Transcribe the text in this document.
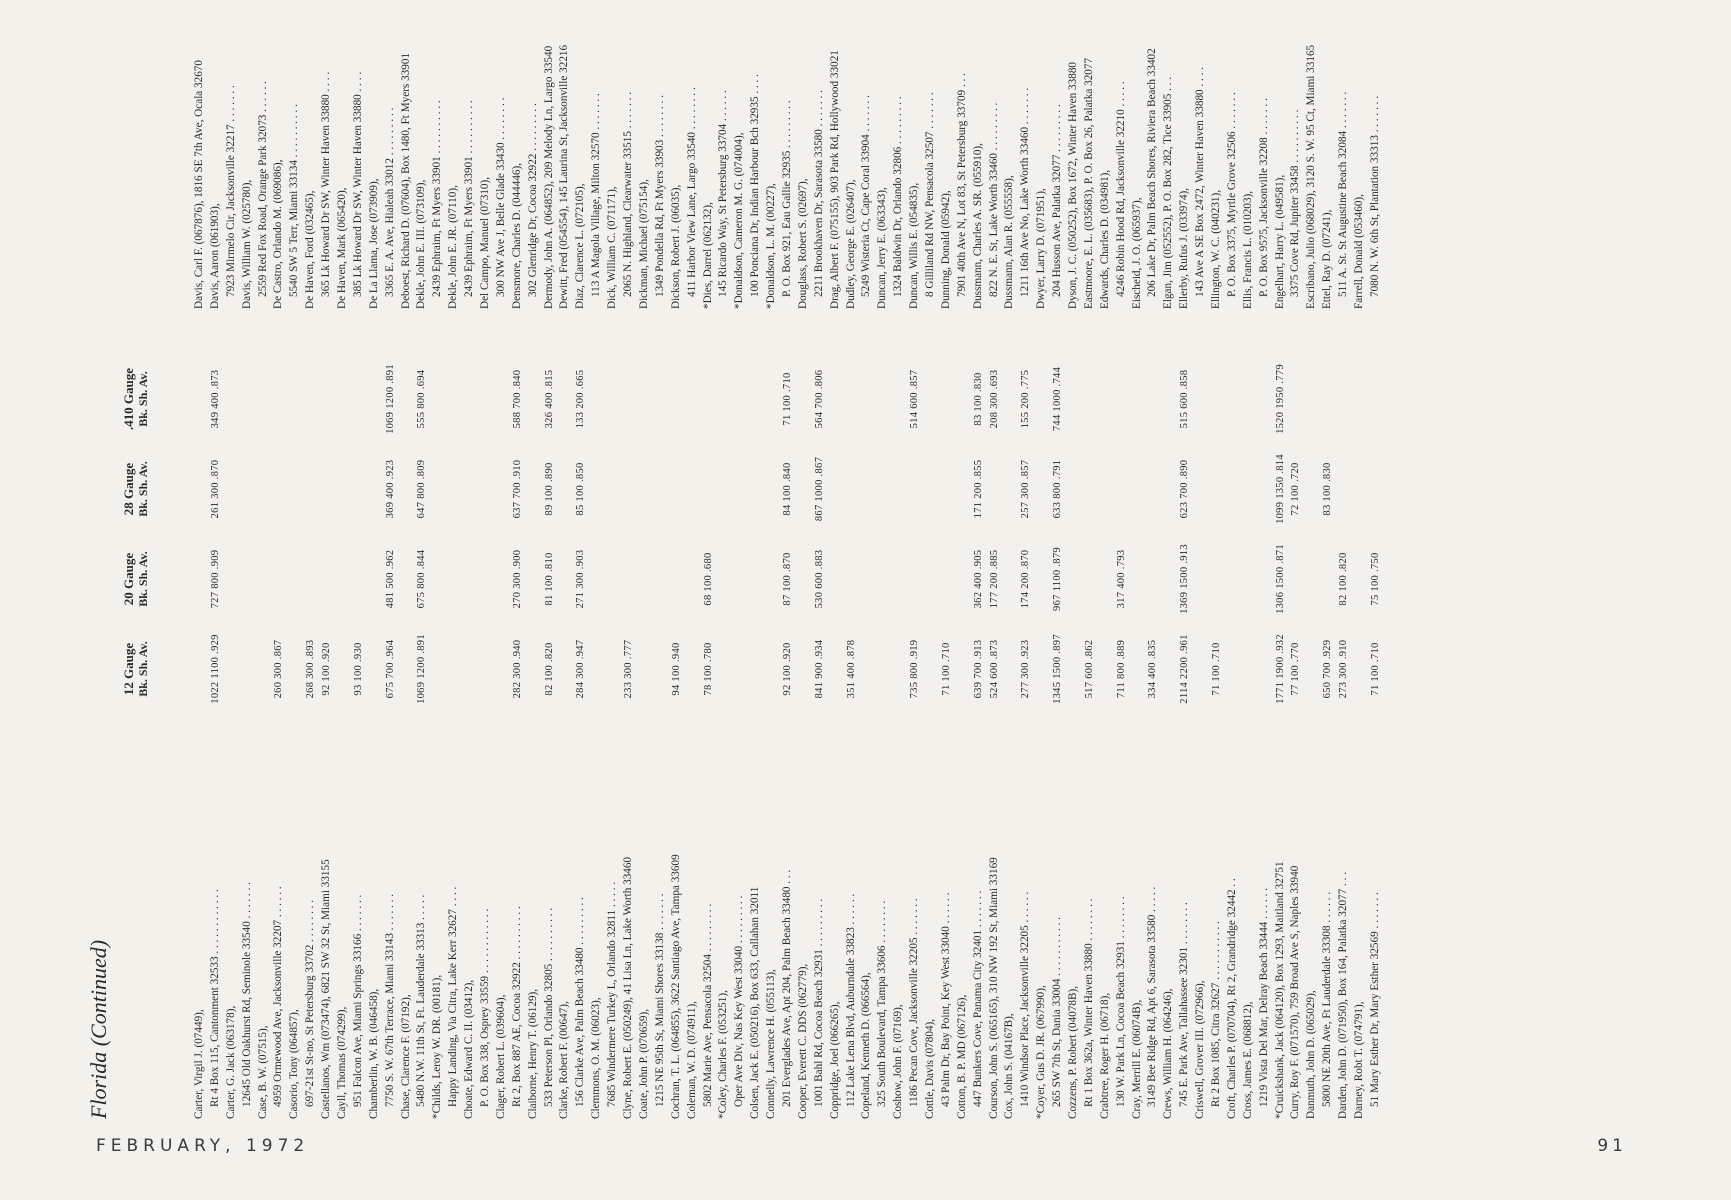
Florida (Continued)
12 Gauge Bk. Sh. Av.
20 Gauge Bk. Sh. Av.
28 Gauge Bk. Sh. Av.
.410 Gauge Bk. Sh. Av.
Carter, Virgil J. (07449), Rt 4 Box 115, Cantonment 32533 . . . . . . . . . . . .
1022 1100 .929
727 800 .909
261 300 .870
349 400 .873
Carter, G. Jack (063178), 12645 Old Oakhurst Rd, Seminole 33540 . . . . . . . Case, B. W. (07515), 4959 Ormewood Ave, Jacksonville 32207 . . . . . .
260 300 .867
Casorio, Tony (064857), 697-21st St-no, St Petersburg 33702 . . . . . . . .
268 300 .893
Castellanos, Wm (073474), 6821 SW 32 St, Miami 33155
92 100 .920
Cayll, Thomas (074299), 951 Falcon Ave, Miami Springs 33166 . . . . . . .
93 100 .930
Chamberlin, W. B. (046458), 7750 S. W. 67th Terrace, Miami 33143 . . . . . . .
675 700 .964
481 500 .962
369 400 .923
1069 1200 .891
Chase, Clarence F. (07192), 5480 N.W. 11th St, Ft. Lauderdale 33313 . . . . .
1069 1200 .891
675 800 .844
647 800 .809
555 800 .694
*Childs, Leroy W. DR. (00181), Happy Landing, Via Citra, Lake Kerr 32627 . . . . Choate, Edward C. II. (03412), P. O. Box 338, Osprey 33559 . . . . . . . . . . . . Clager, Robert L. (039604), Rt 2, Box 887 AE, Cocoa 32922 . . . . . . . . . .
282 300 .940
270 300 .900
637 700 .910
588 700 .840
Claiborne, Henry T. (06129), 533 Peterson Pl, Orlando 32805 . . . . . . . . . .
82 100 .820
81 100 .810
89 100 .890
326 400 .815
Clarke, Robert F. (00647), 156 Clarke Ave, Palm Beach 33480 . . . . . . . . .
284 300 .947
271 300 .903
85 100 .850
133 200 .665
Clemmons, O. M. (06023), 7685 Windermere Turkey L, Orlando 32811 . . . . . Clyne, Robert E. (050249), 41 Lisa Ln, Lake Worth 33460
233 300 .777
Coate, John P. (070659), 1215 NE 95th St, Miami Shores 33138 . . . . . . . Cochran, T. L. (064855), 3622 Santiago Ave, Tampa 33609
94 100 .940
Coleman, W. D. (074911), 5802 Marie Ave, Pensacola 32504 . . . . . . . . .
78 100 .780
68 100 .680
*Coley, Charles F. (053251), Oper Ave Div, Nas Key West 33040 . . . . . . . . . Colsen, Jack E. (050216), Box 633, Callahan 32011 Connelly, Lawrence H. (055113), 201 Everglades Ave, Apt 204, Palm Beach 33480 . . .
92 100 .920
87 100 .870
84 100 .840
71 100 .710
Cooper, Everett C. DDS (062779), 1001 Bahl Rd, Cocoa Beach 32931 . . . . . . . . .
841 900 .934
530 600 .883
867 1000 .867
564 700 .806
Coppridge, Joel (066265), 112 Lake Lena Blvd, Auburndale 33823 . . . . . .
351 400 .878
Copeland, Kenneth D. (066564), 325 South Boulevard, Tampa 33606 . . . . . . . . Coshow, John F. (07169), 1186 Pecan Cove, Jacksonville 32205 . . . . . . .
735 800 .919
514 600 .857
Cottle, Davis (07804), 43 Palm Dr, Bay Point, Key West 33040 . . . . . .
71 100 .710
Cotton, B. P. MD (067126), 447 Bunkers Cove, Panama City 32401 . . . . . . .
639 700 .913
362 400 .905
171 200 .855
83 100 .830
Courson, John S. (065165), 310 NW 192 St, Miami 33169
524 600 .873
177 200 .885
208 300 .693
Cox, John S. (04167B), 1410 Windsor Place, Jacksonville 32205 . . . . . .
277 300 .923
174 200 .870
257 300 .857
155 200 .775
*Coyer, Gus D. JR. (067990), 265 SW 7th St, Dania 33004 . . . . . . . . . . .
1345 1500 .897
967 1100 .879
633 800 .791
744 1000 .744
Cozzens, P. Robert (04078B), Rt 1 Box 362a, Winter Haven 33880 . . . . . . . .
517 600 .862
Crabtree, Roger H. (06718), 130 W. Park Ln, Cocoa Beach 32931 . . . . . . . .
711 800 .889
317 400 .793
Cray, Merrill E. (06074B), 3149 Bee Ridge Rd, Apt 6, Sarasota 33580 . . . . .
334 400 .835
Crews, William H. (064246), 745 E. Park Ave, Tallahassee 32301 . . . . . . . .
2114 2200 .961
1369 1500 .913
623 700 .890
515 600 .858
Criswell, Grover III. (072966), Rt 2 Box 1085, Citra 32627 . . . . . . . . . . .
71 100 .710
Croft, Charles P. (070704), Rt 2, Grandridge 32442 . . Cross, James E. (068812), 1219 Vista Del Mar, Delray Beach 33444 . . . . . . *Cruickshank, Jack (064120), Box 1293, Maitland 32751
1771 1900 .932
1306 1500 .871
1099 1350 .814
1520 1950 .779
Curry, Roy F. (071570), 759 Broad Ave S, Naples 33940
77 100 .770
72 100 .720
Danmuth, John D. (065029), 5800 NE 20th Ave, Ft Lauderdale 33308 . . . . . .
650 700 .929
83 100 .830
Darden, John D. (071950), Box 164, Palatka 32077 . . .
273 300 .910
82 100 .820
Darney, Robt T. (074791), 51 Mary Esther Dr, Mary Esther 32569 . . . . . . .
71 100 .710
75 100 .750
Davis, Carl F. (067876), 1816 SE 7th Ave, Ocala 32670 Davis, Aaron (061903), 7923 Mirmelo Cir, Jacksonville 32217 . . . . . . . Davis, William W. (025780), 2559 Red Fox Road, Orange Park 32073 . . . . . . De Castro, Orlando M. (069086), 5540 SW 5 Terr, Miami 33134 . . . . . . . . . . De Haven, Ford (032465), 365 Lk Howard Dr SW, Winter Haven 33880 . . . . De Haven, Mark (065420), 385 Lk Howard Dr SW, Winter Haven 33880 . . . . De La Llama, Jose (073909), 3365 E. A. Ave, Hialeah 33012 . . . . . . . . . Deboest, Richard D. (07604), Box 1480, Ft Myers 33901 Dekle, John E. III. (073109), 2439 Ephraim, Ft Myers 33901 . . . . . . . . . . Dekle, John E. JR. (07110), 2439 Ephraim, Ft Myers 33901 . . . . . . . . . . Del Campo, Manuel (07310), 300 NW Ave J, Belle Glade 33430 . . . . . . . . Densmore, Charles D. (044446), 302 Glenridge Dr, Cocoa 32922 . . . . . . . . . Dermody, John A. (064852), 209 Melody Ln, Largo 33540 Dewitt, Fred (054554), 145 Laurina St, Jacksonville 32216 Diaz, Clarence L. (072105), 113 A Magola Village, Milton 32570 . . . . . . . Dick, William C. (071171), 2065 N. Highland, Clearwater 33515 . . . . . . . Dickman, Michael (075154), 1349 Pondella Rd, Ft Myers 33903 . . . . . . . . Dickson, Robert J. (06035), 411 Harbor View Lane, Largo 33540 . . . . . . . . *Dies, Darrel (062132), 145 Ricardo Way, St Petersburg 33704 . . . . . . *Donaldson, Cameron M. G. (074004), 100 Ponciana Dr, Indian Harbour Bch 32935 . . . . *Donaldson, L. M. (00227), P. O. Box 921, Eau Gallie 32935 . . . . . . . . . Douglass, Robert S. (02697), 2211 Brookhaven Dr, Sarasota 33580 . . . . . . . Drag, Albert F. (075155), 903 Park Rd, Hollywood 33021 Dudley, George E. (026407), 5249 Wisteria Ct, Cape Coral 33904 . . . . . . . Duncan, Jerry E. (063343), 1324 Baldwin Dr, Orlando 32806 . . . . . . . . . Duncan, Willis E. (054835), 8 Gilliland Rd NW, Pensacola 32507 . . . . . . . Dunning, Donald (05942), 7901 40th Ave N, Lot 83, St Petersburg 33709 . . . Dussmann, Charles A. SR. (055910), 822 N. E. St, Lake Worth 33460 . . . . . . . . . Dussmann, Alan R. (055558), 1211 16th Ave No, Lake Worth 33460 . . . . . . . Dwyer, Larry D. (071951), 204 Husson Ave, Palatka 32077 . . . . . . . . . Dyson, J. C. (050252), Box 1672, Winter Haven 33880 Eastmoore, E. L. (035683), P. O. Box 26, Palatka 32077 Edwards, Charles D. (034981), 4246 Robin Hood Rd, Jacksonville 32210 . . . . . Eischeid, J. O. (065937), 206 Lake Dr, Palm Beach Shores, Riviera Beach 33402 Elgan, Jim (052552), P. O. Box 282, Tice 33905 . . . Ellerby, Rufus J. (033974), 143 Ave A SE Box 2472, Winter Haven 33880 . . . . Ellington, W. C. (040231), P. O. Box 3375, Myrtle Grove 32506 . . . . . . . Ellis, Francis L. (010203), P. O. Box 9575, Jacksonville 32208 . . . . . . . Engelhart, Harry L. (049581), 3375 Cove Rd, Jupiter 33458 . . . . . . . . . . Escribano, Julio (068029), 3120 S. W. 95 Ct, Miami 33165 Ettel, Ray D. (07241), 511 A. St. St Augustine Beach 32084 . . . . . . . Farrell, Donald (053460), 7080 N. W. 6th St, Plantation 33313 . . . . . . .
FEBRUARY, 1972	91
